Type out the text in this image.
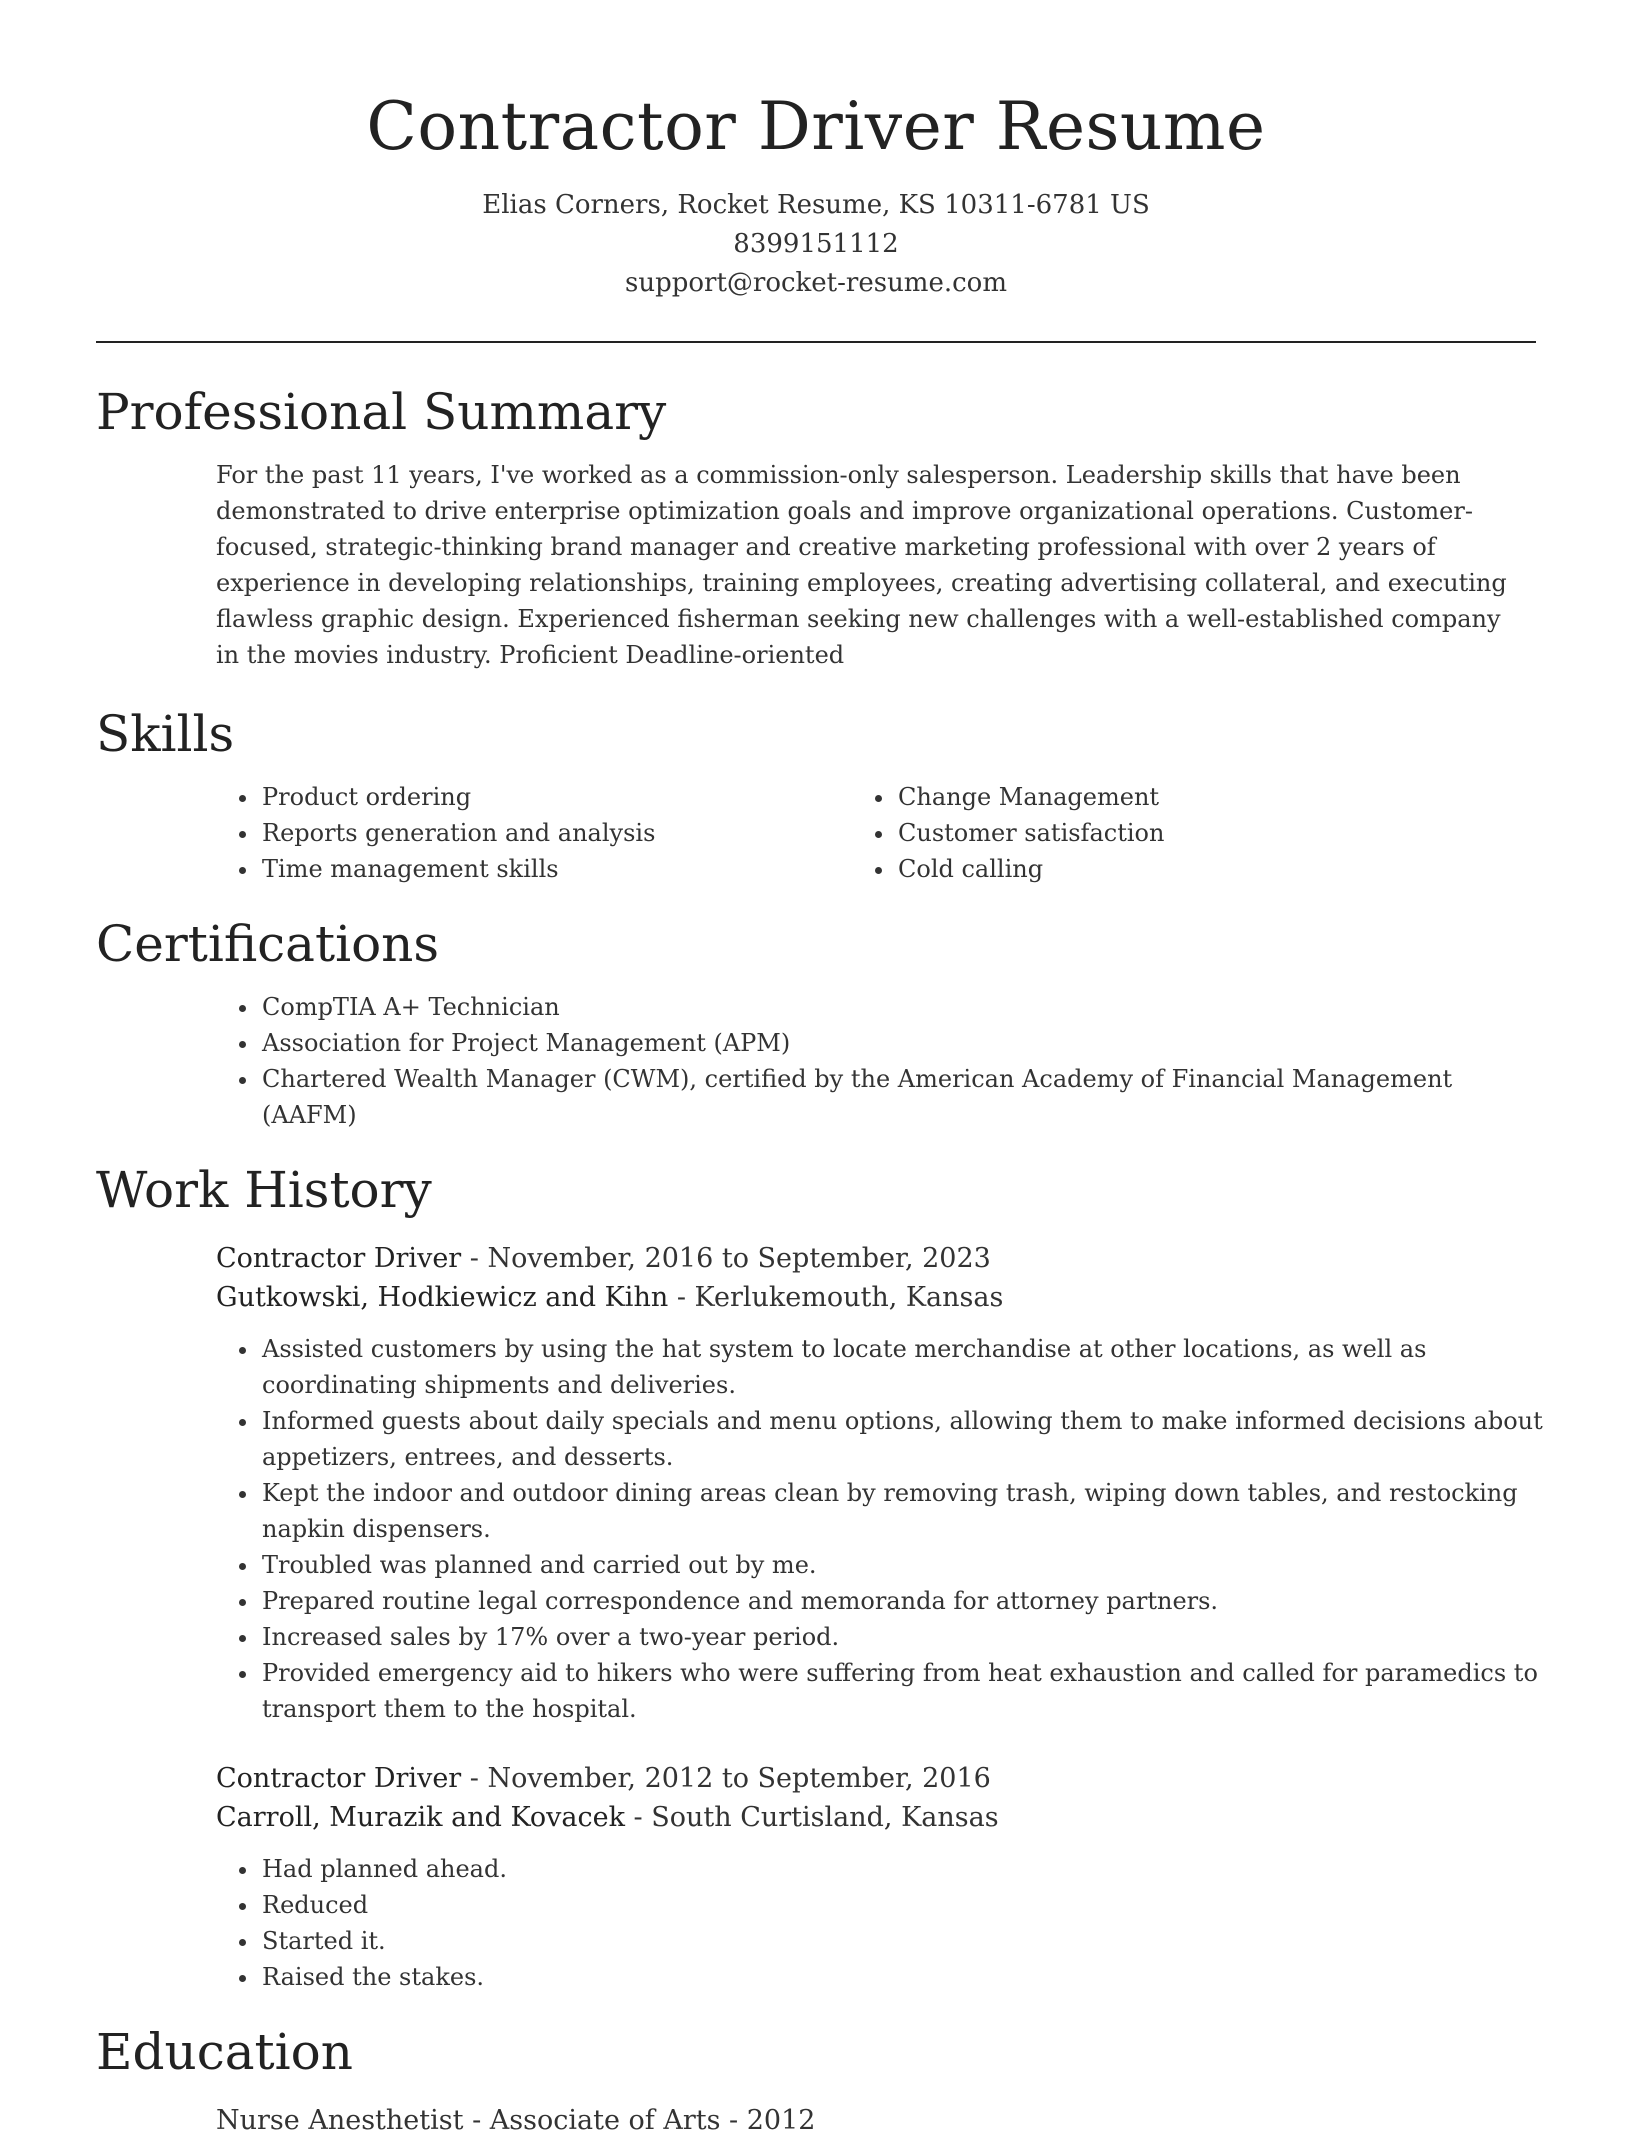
Contractor Driver Resume
Elias Corners, Rocket Resume, KS 10311-6781 US
8399151112
support@rocket-resume.com
Professional Summary

For the past 11 years, I've worked as a commission-only salesperson. Leadership skills that have been demonstrated to drive enterprise optimization goals and improve organizational operations. Customer-focused, strategic-thinking brand manager and creative marketing professional with over 2 years of experience in developing relationships, training employees, creating advertising collateral, and executing flawless graphic design. Experienced fisherman seeking new challenges with a well-established company in the movies industry. Proficient Deadline-oriented

Skills
• Product ordering
• Reports generation and analysis
• Time management skills
• Change Management
• Customer satisfaction
• Cold calling
Certifications
• CompTIA A+ Technician
• Association for Project Management (APM)
• Chartered Wealth Manager (CWM), certified by the American Academy of Financial Management (AAFM)
Work History
Contractor Driver - November, 2016 to September, 2023
Gutkowski, Hodkiewicz and Kihn - Kerlukemouth, Kansas
• Assisted customers by using the hat system to locate merchandise at other locations, as well as coordinating shipments and deliveries.
• Informed guests about daily specials and menu options, allowing them to make informed decisions about appetizers, entrees, and desserts.
• Kept the indoor and outdoor dining areas clean by removing trash, wiping down tables, and restocking napkin dispensers.
• Troubled was planned and carried out by me.
• Prepared routine legal correspondence and memoranda for attorney partners.
• Increased sales by 17% over a two-year period.
• Provided emergency aid to hikers who were suffering from heat exhaustion and called for paramedics to transport them to the hospital.
Contractor Driver - November, 2012 to September, 2016
Carroll, Murazik and Kovacek - South Curtisland, Kansas
• Had planned ahead.
• Reduced
• Started it.
• Raised the stakes.
Education
Nurse Anesthetist - Associate of Arts - 2012
